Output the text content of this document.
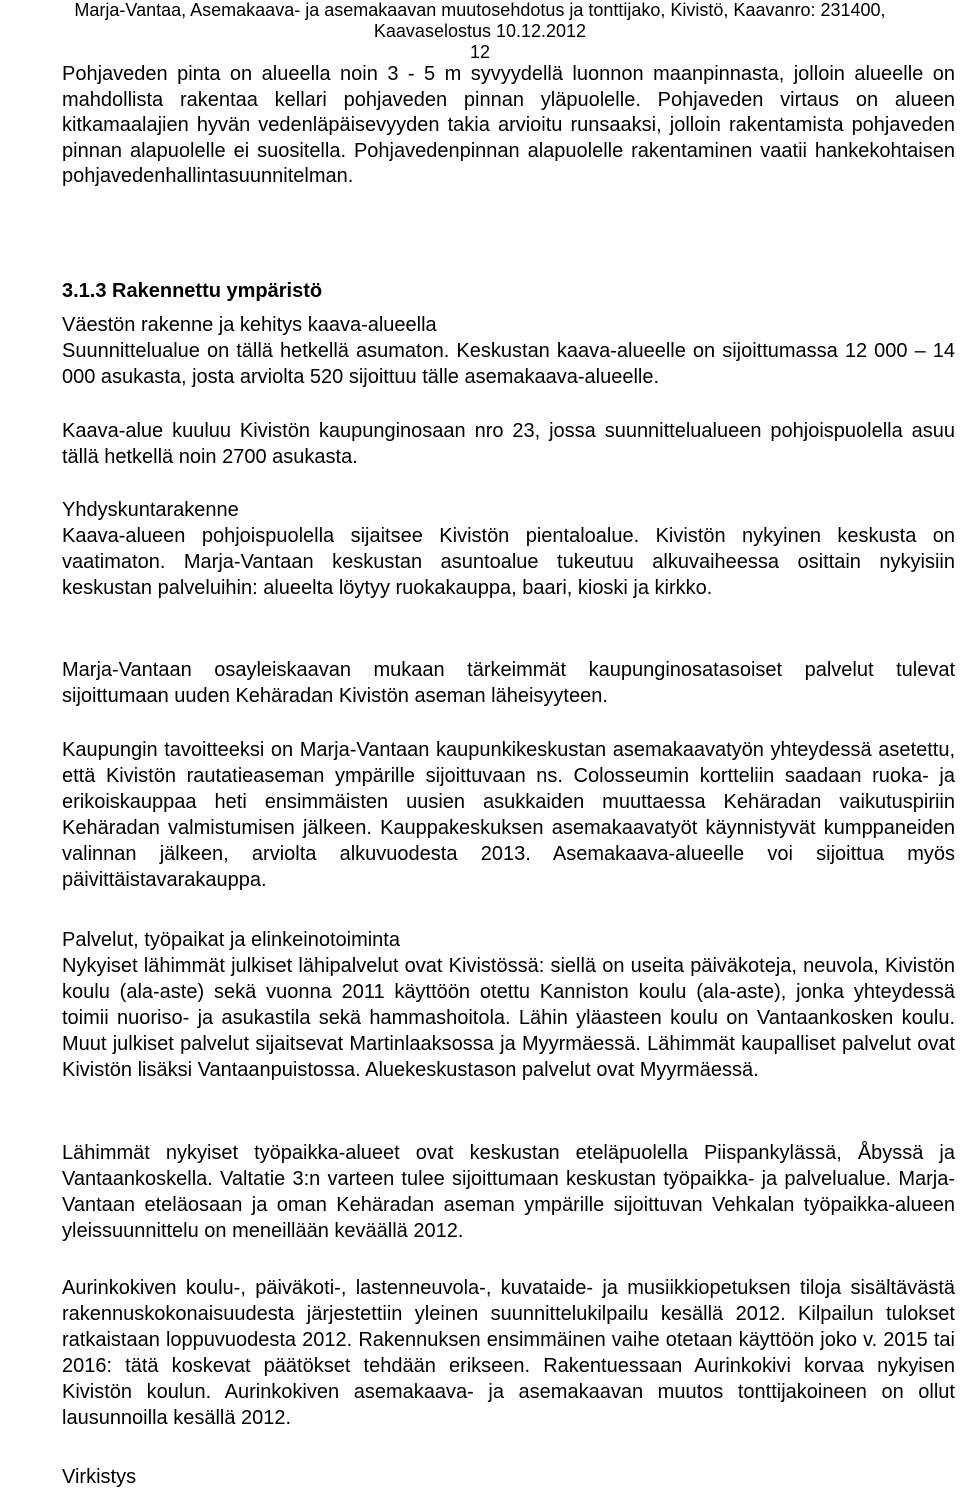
Marja-Vantaa, Asemakaava- ja asemakaavan muutosehdotus ja tonttijako, Kivistö, Kaavanro: 231400,
Kaavaselostus 10.12.2012
12

Pohjaveden pinta on alueella noin 3 - 5 m syvyydellä luonnon maanpinnasta, jolloin alueelle on mahdollista rakentaa kellari pohjaveden pinnan yläpuolelle. Pohjaveden virtaus on alueen kitkamaalajien hyvän vedenläpäisevyyden takia arvioitu runsaaksi, jolloin rakentamista pohjaveden pinnan alapuolelle ei suositella. Pohjavedenpinnan alapuolelle rakentaminen vaatii hankekohtaisen pohjavedenhallintasuunnitelman.

3.1.3 Rakennettu ympäristö
Väestön rakenne ja kehitys kaava-alueella

Suunnittelualue on tällä hetkellä asumaton. Keskustan kaava-alueelle on sijoittumassa 12 000 – 14 000 asukasta, josta arviolta 520 sijoittuu tälle asemakaava-alueelle.

Kaava-alue kuuluu Kivistön kaupunginosaan nro 23, jossa suunnittelualueen pohjoispuolella asuu tällä hetkellä noin 2700 asukasta.

Yhdyskuntarakenne

Kaava-alueen pohjoispuolella sijaitsee Kivistön pientaloalue. Kivistön nykyinen keskusta on vaatimaton. Marja-Vantaan keskustan asuntoalue tukeutuu alkuvaiheessa osittain nykyisiin keskustan palveluihin: alueelta löytyy ruokakauppa, baari, kioski ja kirkko.

Marja-Vantaan osayleiskaavan mukaan tärkeimmät kaupunginosatasoiset palvelut tulevat sijoittumaan uuden Kehäradan Kivistön aseman läheisyyteen.

Kaupungin tavoitteeksi on Marja-Vantaan kaupunkikeskustan asemakaavatyön yhteydessä asetettu, että Kivistön rautatieaseman ympärille sijoittuvaan ns. Colosseumin kortteliin saadaan ruoka- ja erikoiskauppaa heti ensimmäisten uusien asukkaiden muuttaessa Kehäradan vaikutuspiriin Kehäradan valmistumisen jälkeen. Kauppakeskuksen asemakaavatyöt käynnistyvät kumppaneiden valinnan jälkeen, arviolta alkuvuodesta 2013. Asemakaava-alueelle voi sijoittua myös päivittäistavarakauppa.

Palvelut, työpaikat ja elinkeinotoiminta

Nykyiset lähimmät julkiset lähipalvelut ovat Kivistössä: siellä on useita päiväkoteja, neuvola, Kivistön koulu (ala-aste) sekä vuonna 2011 käyttöön otettu Kanniston koulu (ala-aste), jonka yhteydessä toimii nuoriso- ja asukastila sekä hammashoitola. Lähin yläasteen koulu on Vantaankosken koulu. Muut julkiset palvelut sijaitsevat Martinlaaksossa ja Myyrmäessä. Lähimmät kaupalliset palvelut ovat Kivistön lisäksi Vantaanpuistossa. Aluekeskustason palvelut ovat Myyrmäessä.

Lähimmät nykyiset työpaikka-alueet ovat keskustan eteläpuolella Piispankylässä, Åbyssä ja Vantaankoskella. Valtatie 3:n varteen tulee sijoittumaan keskustan työpaikka- ja palvelualue. Marja-Vantaan eteläosaan ja oman Kehäradan aseman ympärille sijoittuvan Vehkalan työpaikka-alueen yleissuunnittelu on meneillään keväällä 2012.

Aurinkokiven koulu-, päiväkoti-, lastenneuvola-, kuvataide- ja musiikkiopetuksen tiloja sisältävästä rakennuskokonaisuudesta järjestettiin yleinen suunnittelukilpailu kesällä 2012. Kilpailun tulokset ratkaistaan loppuvuodesta 2012. Rakennuksen ensimmäinen vaihe otetaan käyttöön joko v. 2015 tai 2016: tätä koskevat päätökset tehdään erikseen. Rakentuessaan Aurinkokivi korvaa nykyisen Kivistön koulun. Aurinkokiven asemakaava- ja asemakaavan muutos tonttijakoineen on ollut lausunnoilla kesällä 2012.

Virkistys
